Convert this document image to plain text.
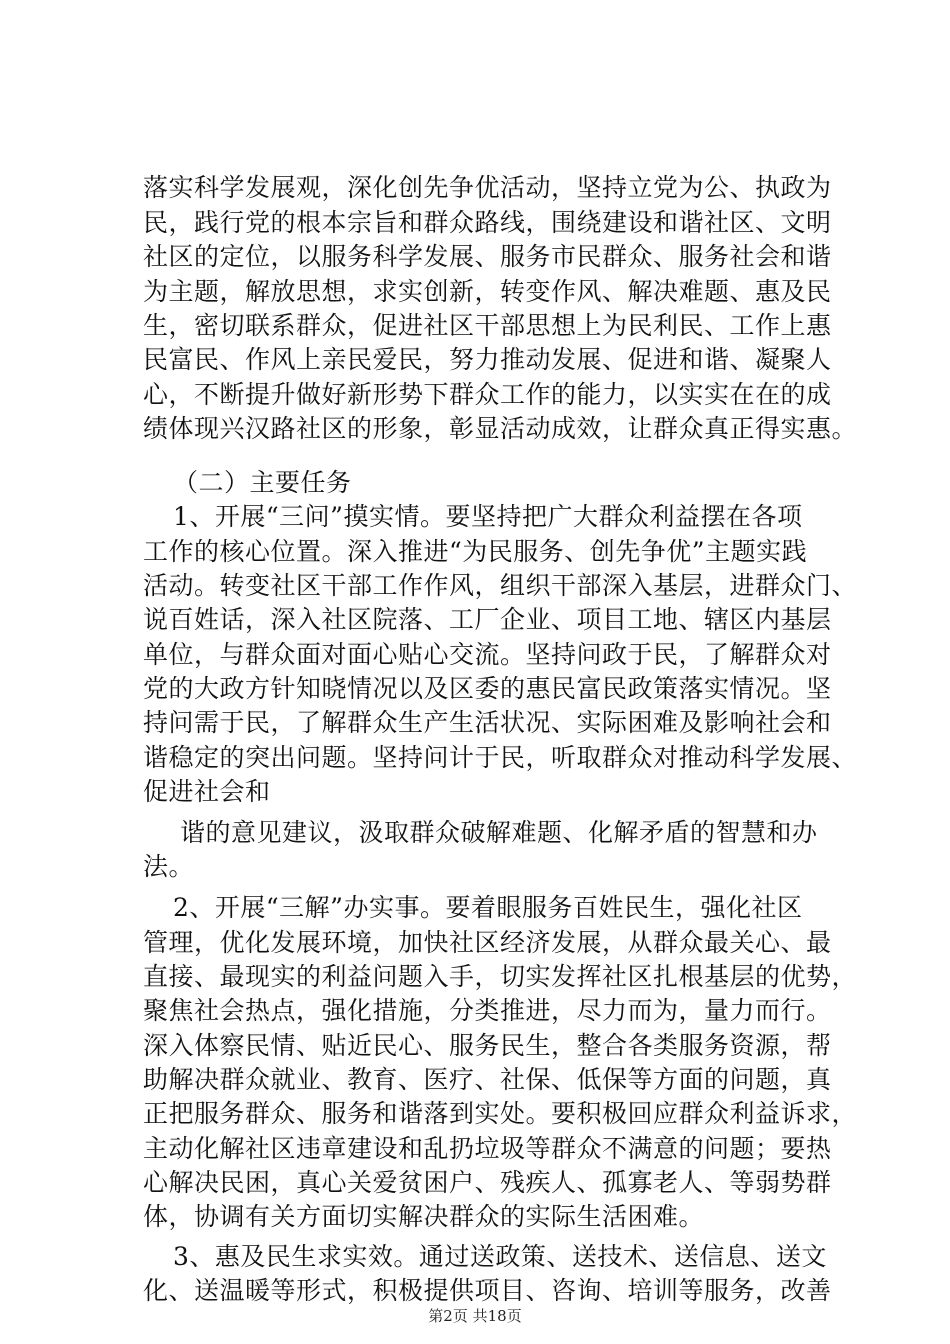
落实科学发展观，深化创先争优活动，坚持立党为公、执政为
民，践行党的根本宗旨和群众路线，围绕建设和谐社区、文明
社区的定位，以服务科学发展、服务市民群众、服务社会和谐
为主题，解放思想，求实创新，转变作风、解决难题、惠及民
生，密切联系群众，促进社区干部思想上为民利民、工作上惠
民富民、作风上亲民爱民，努力推动发展、促进和谐、凝聚人
心，不断提升做好新形势下群众工作的能力，以实实在在的成
绩体现兴汉路社区的形象，彰显活动成效，让群众真正得实惠。
（二）主要任务
1、开展“三问”摸实情。要坚持把广大群众利益摆在各项
工作的核心位置。深入推进“为民服务、创先争优”主题实践
活动。转变社区干部工作作风，组织干部深入基层，进群众门、
说百姓话，深入社区院落、工厂企业、项目工地、辖区内基层
单位，与群众面对面心贴心交流。坚持问政于民，了解群众对
党的大政方针知晓情况以及区委的惠民富民政策落实情况。坚
持问需于民，了解群众生产生活状况、实际困难及影响社会和
谐稳定的突出问题。坚持问计于民，听取群众对推动科学发展、
促进社会和
谐的意见建议，汲取群众破解难题、化解矛盾的智慧和办
法。
2、开展“三解”办实事。要着眼服务百姓民生，强化社区
管理，优化发展环境，加快社区经济发展，从群众最关心、最
直接、最现实的利益问题入手，切实发挥社区扎根基层的优势，
聚焦社会热点，强化措施，分类推进，尽力而为，量力而行。
深入体察民情、贴近民心、服务民生，整合各类服务资源，帮
助解决群众就业、教育、医疗、社保、低保等方面的问题，真
正把服务群众、服务和谐落到实处。要积极回应群众利益诉求，
主动化解社区违章建设和乱扔垃圾等群众不满意的问题；要热
心解决民困，真心关爱贫困户、残疾人、孤寡老人、等弱势群
体，协调有关方面切实解决群众的实际生活困难。
3、惠及民生求实效。通过送政策、送技术、送信息、送文
化、送温暖等形式，积极提供项目、咨询、培训等服务，改善
第2页 共18页
